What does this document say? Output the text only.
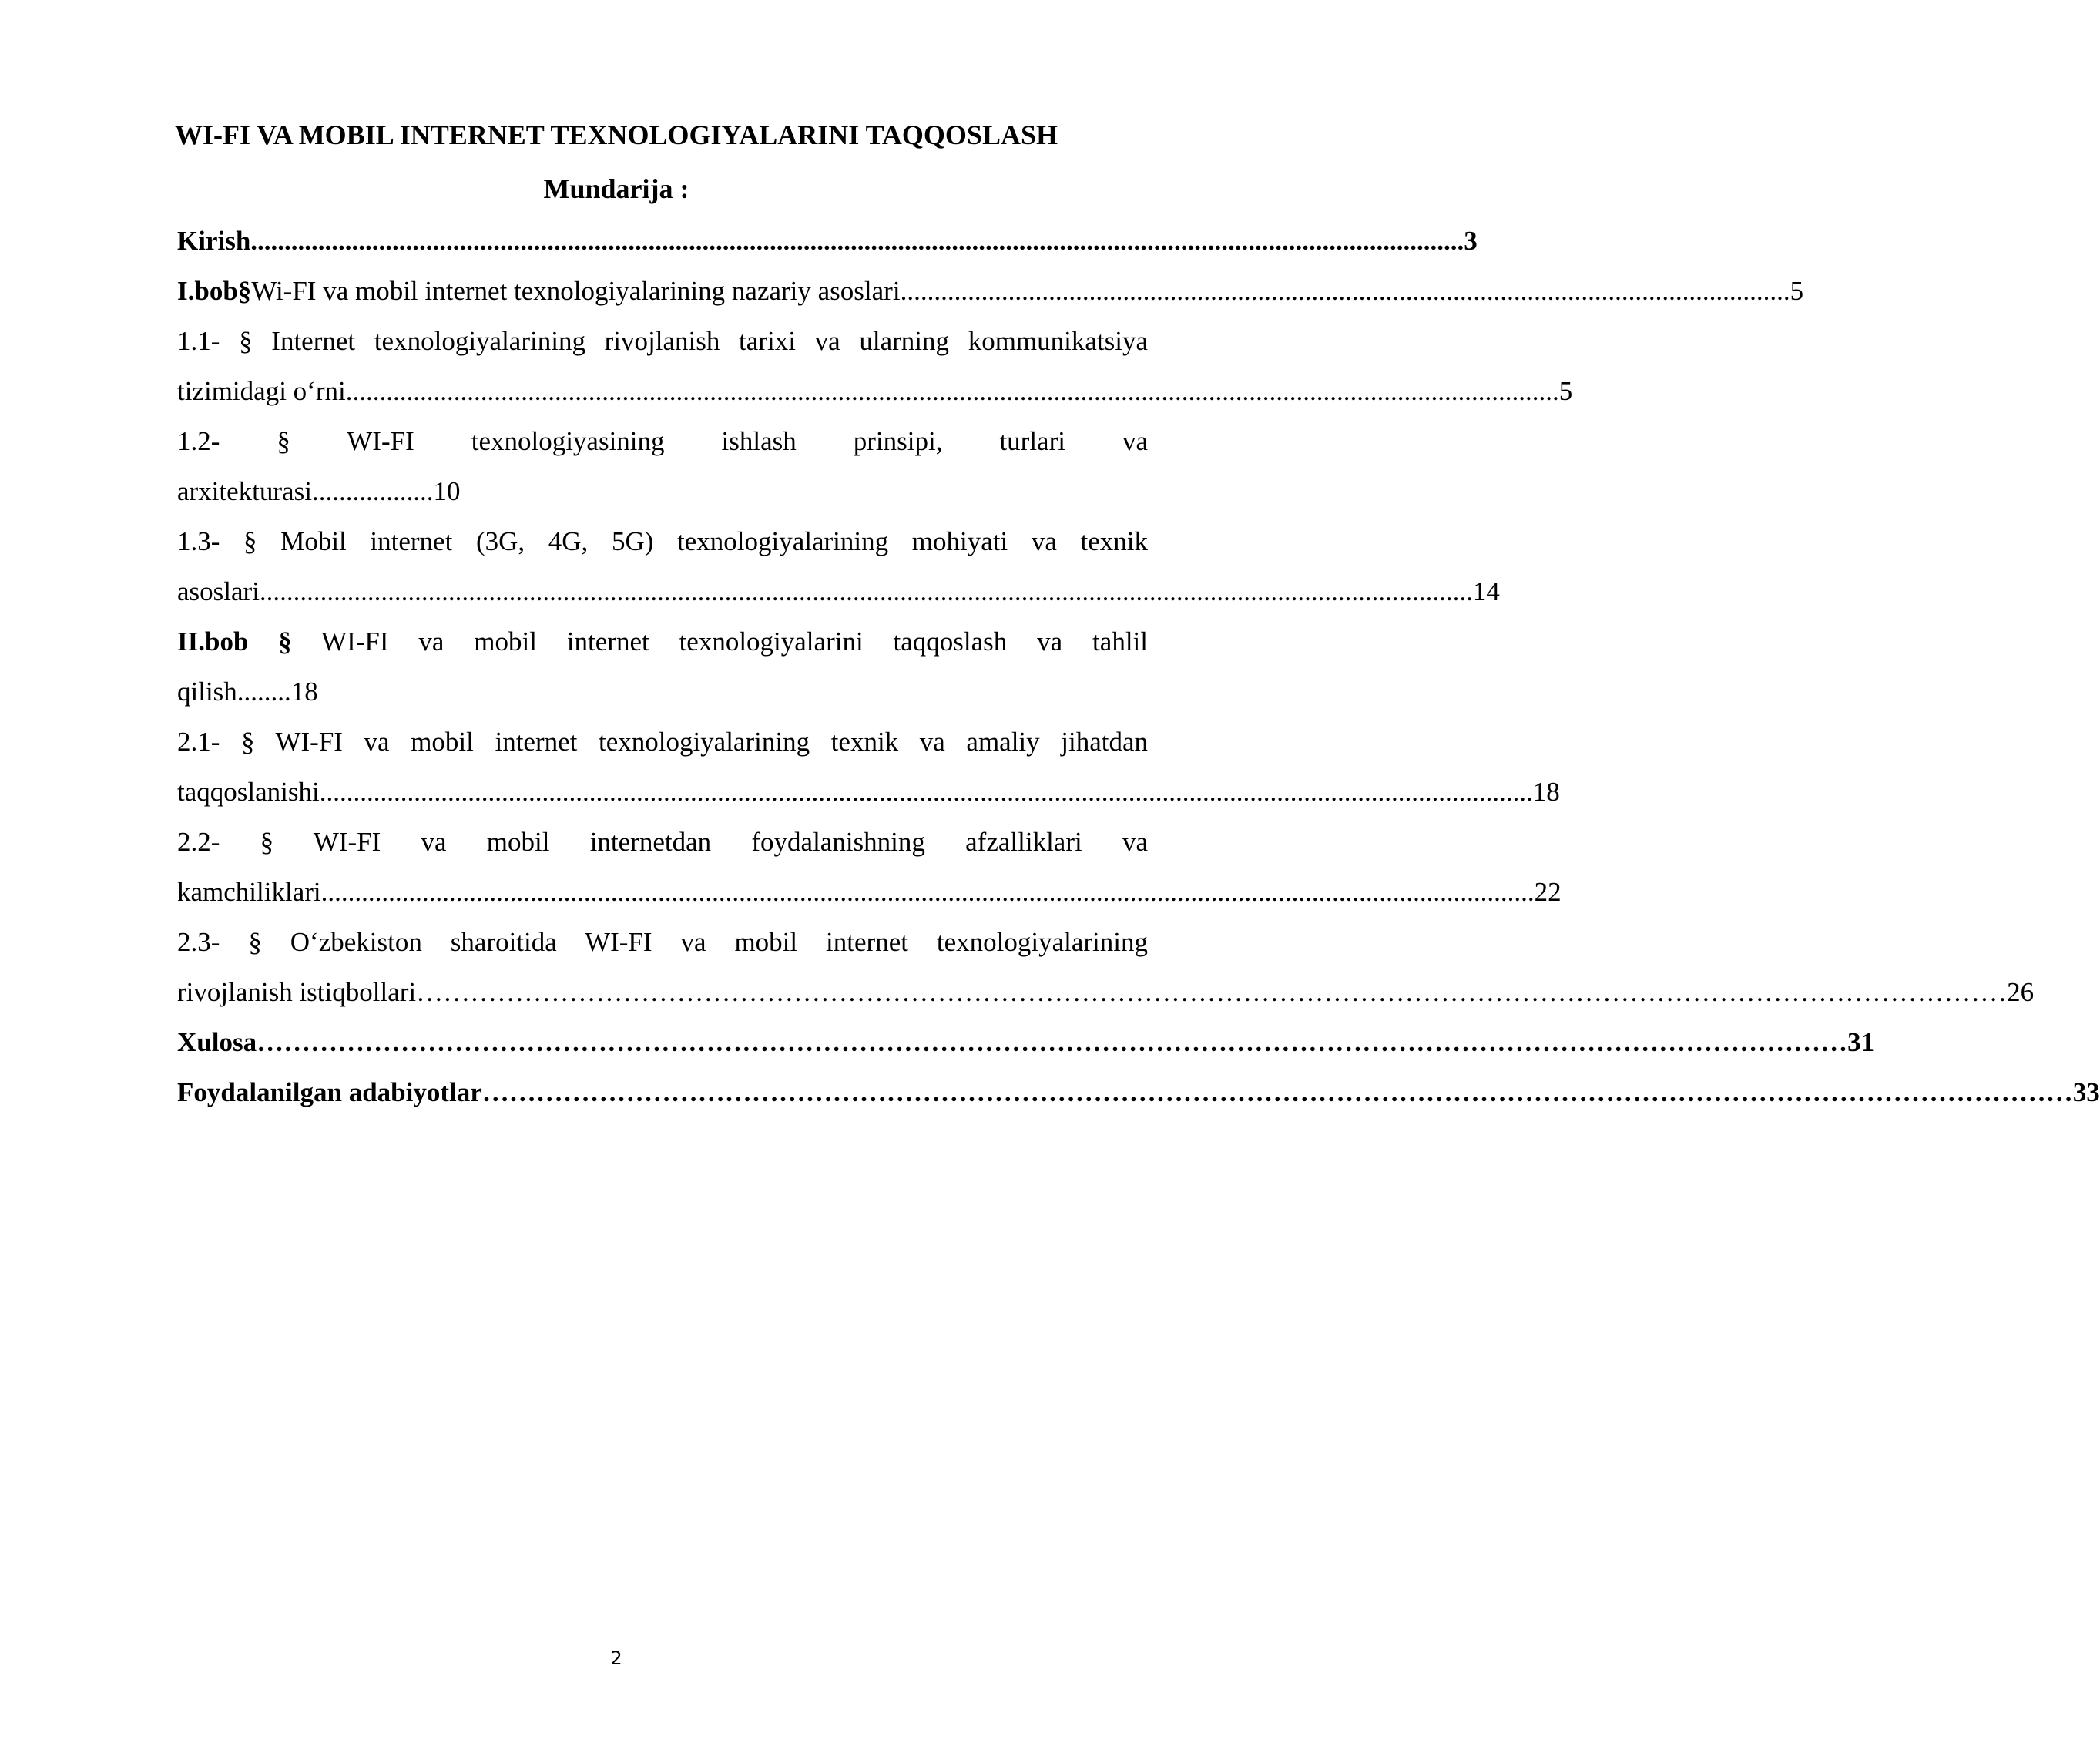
WI-FI VA MOBIL INTERNET TEXNOLOGIYALARINI TAQQOSLASH
Mundarija :
Kirish .................................................................................................................................................................................... 3
I.bob§ Wi-FI va mobil internet texnologiyalarining nazariy asoslari .................................................................................................................................... 5
1.1- § Internet texnologiyalarining rivojlanish tarixi va ularning kommunikatsiya
tizimidagi o‘rni .................................................................................................................................................................................... 5
1.2- § WI-FI texnologiyasining ishlash prinsipi, turlari va
arxitekturasi .................. 10
1.3- § Mobil internet (3G, 4G, 5G) texnologiyalarining mohiyati va texnik
asoslari .................................................................................................................................................................................... 14
II.bob § WI-FI va mobil internet texnologiyalarini taqqoslash va tahlil
qilish ........ 18
2.1- § WI-FI va mobil internet texnologiyalarining texnik va amaliy jihatdan
taqqoslanishi .................................................................................................................................................................................... 18
2.2- § WI-FI va mobil internetdan foydalanishning afzalliklari va
kamchiliklari .................................................................................................................................................................................... 22
2.3- § O‘zbekiston sharoitida WI-FI va mobil internet texnologiyalarining
rivojlanish istiqbollari …………………………………………………………………………………………………………………………………………………………… 26
Xulosa …………………………………………………………………………………………………………………………………………………………… 31
Foydalanilgan adabiyotlar …………………………………………………………………………………………………………………………………………………………… 33
2
